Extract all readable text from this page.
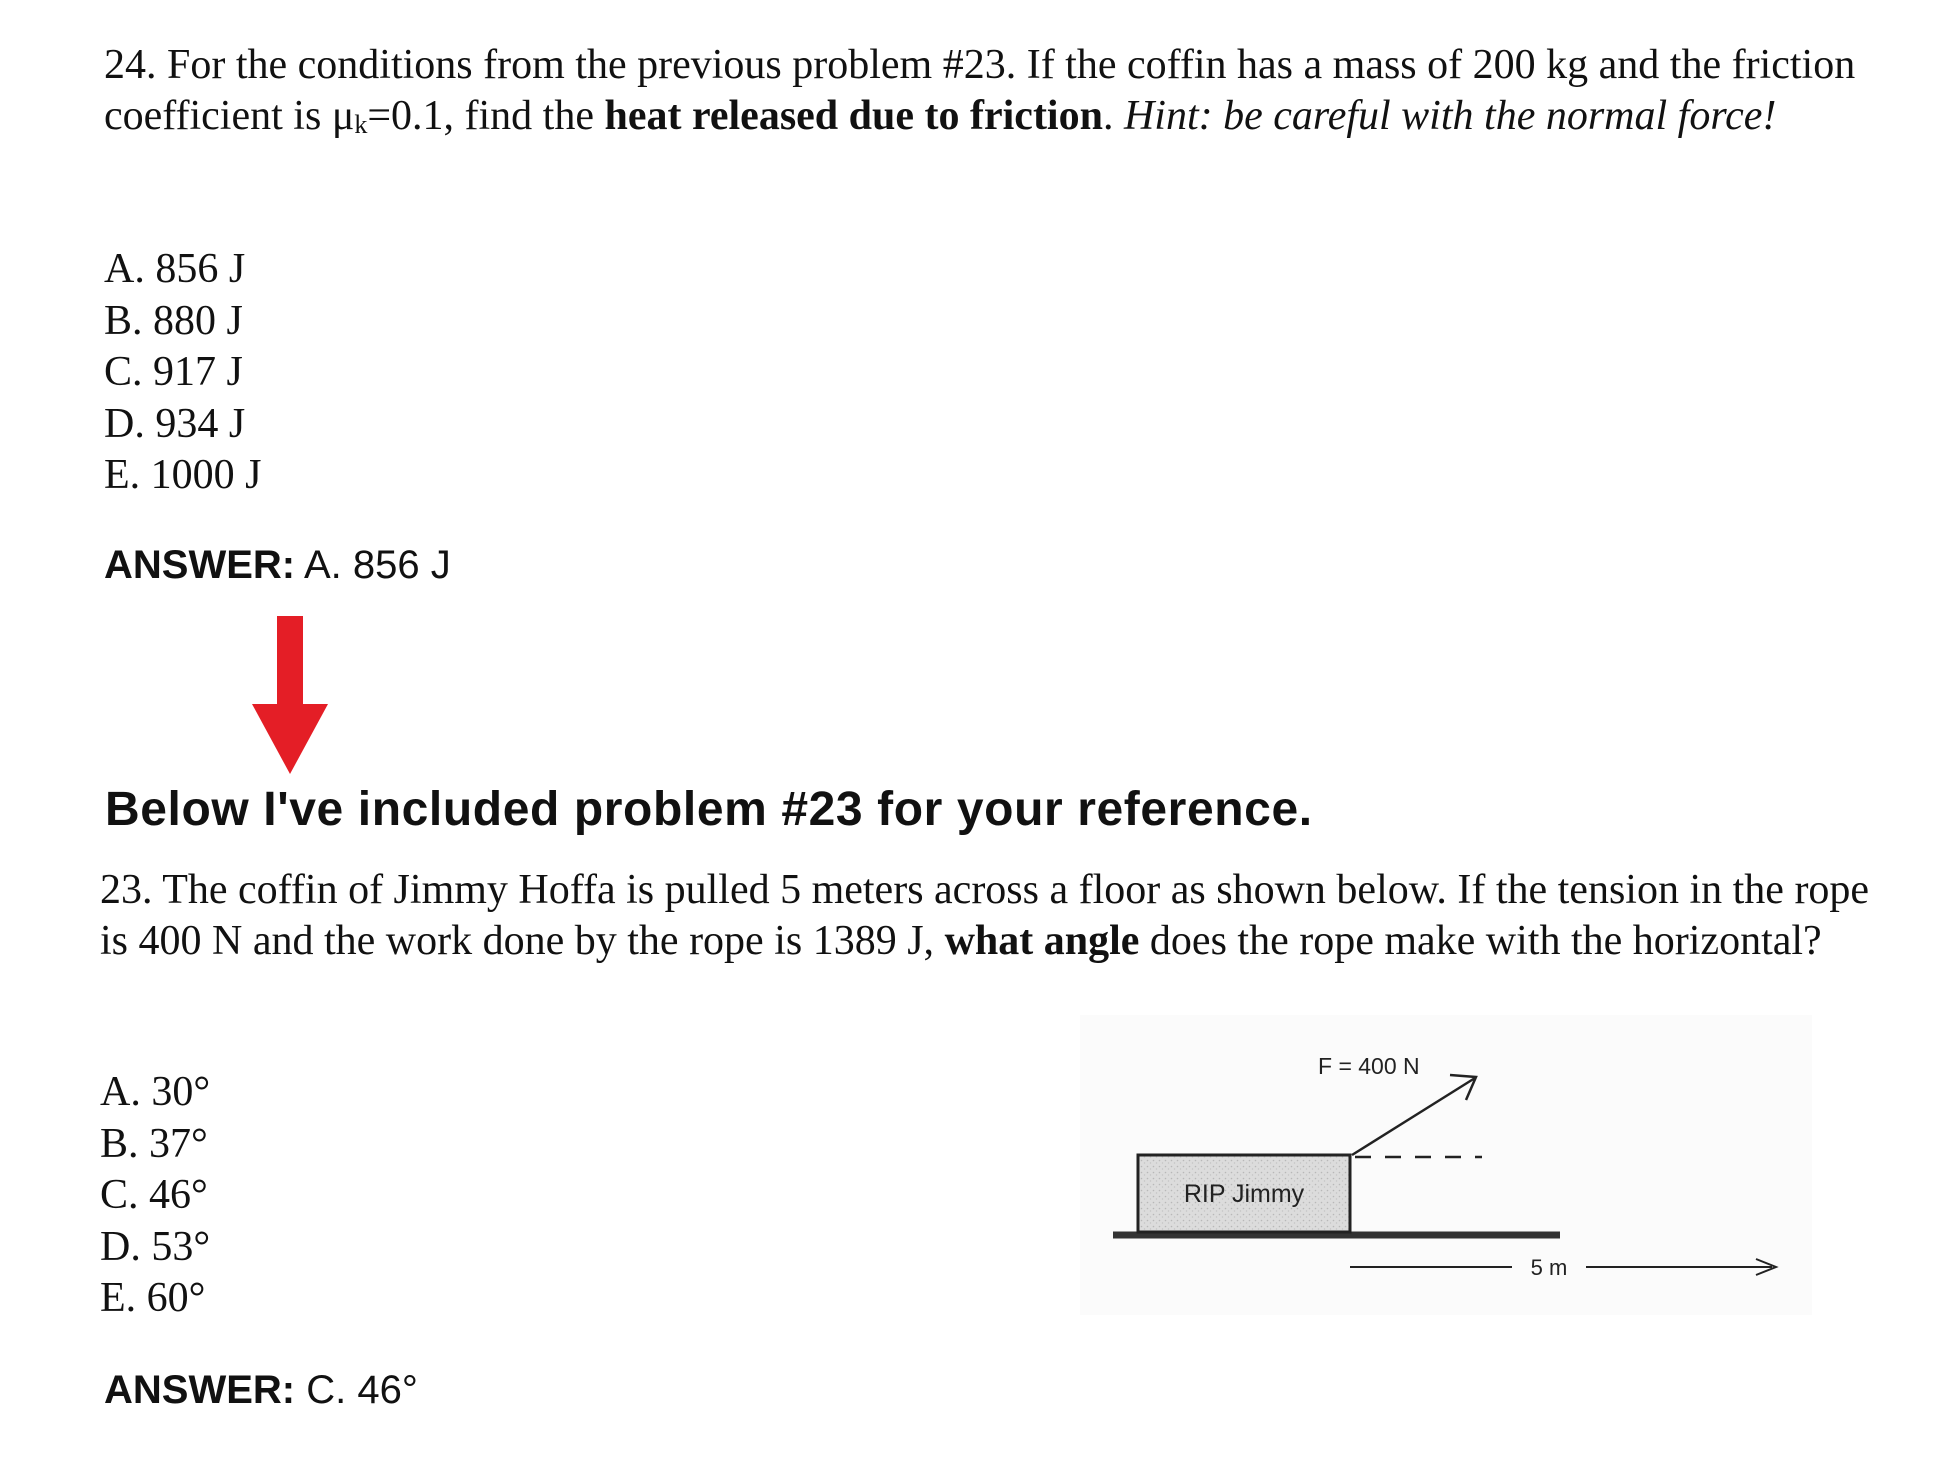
24. For the conditions from the previous problem #23. If the coffin has a mass of 200 kg and the friction coefficient is μk=0.1, find the heat released due to friction. Hint: be careful with the normal force!
A. 856 J
B. 880 J
C. 917 J
D. 934 J
E. 1000 J
ANSWER: A. 856 J
Below I've included problem #23 for your reference.
23. The coffin of Jimmy Hoffa is pulled 5 meters across a floor as shown below. If the tension in the rope is 400 N and the work done by the rope is 1389 J, what angle does the rope make with the horizontal?
A. 30°
B. 37°
C. 46°
D. 53°
E. 60°
ANSWER: C. 46°
F = 400 N
RIP Jimmy
5 m
